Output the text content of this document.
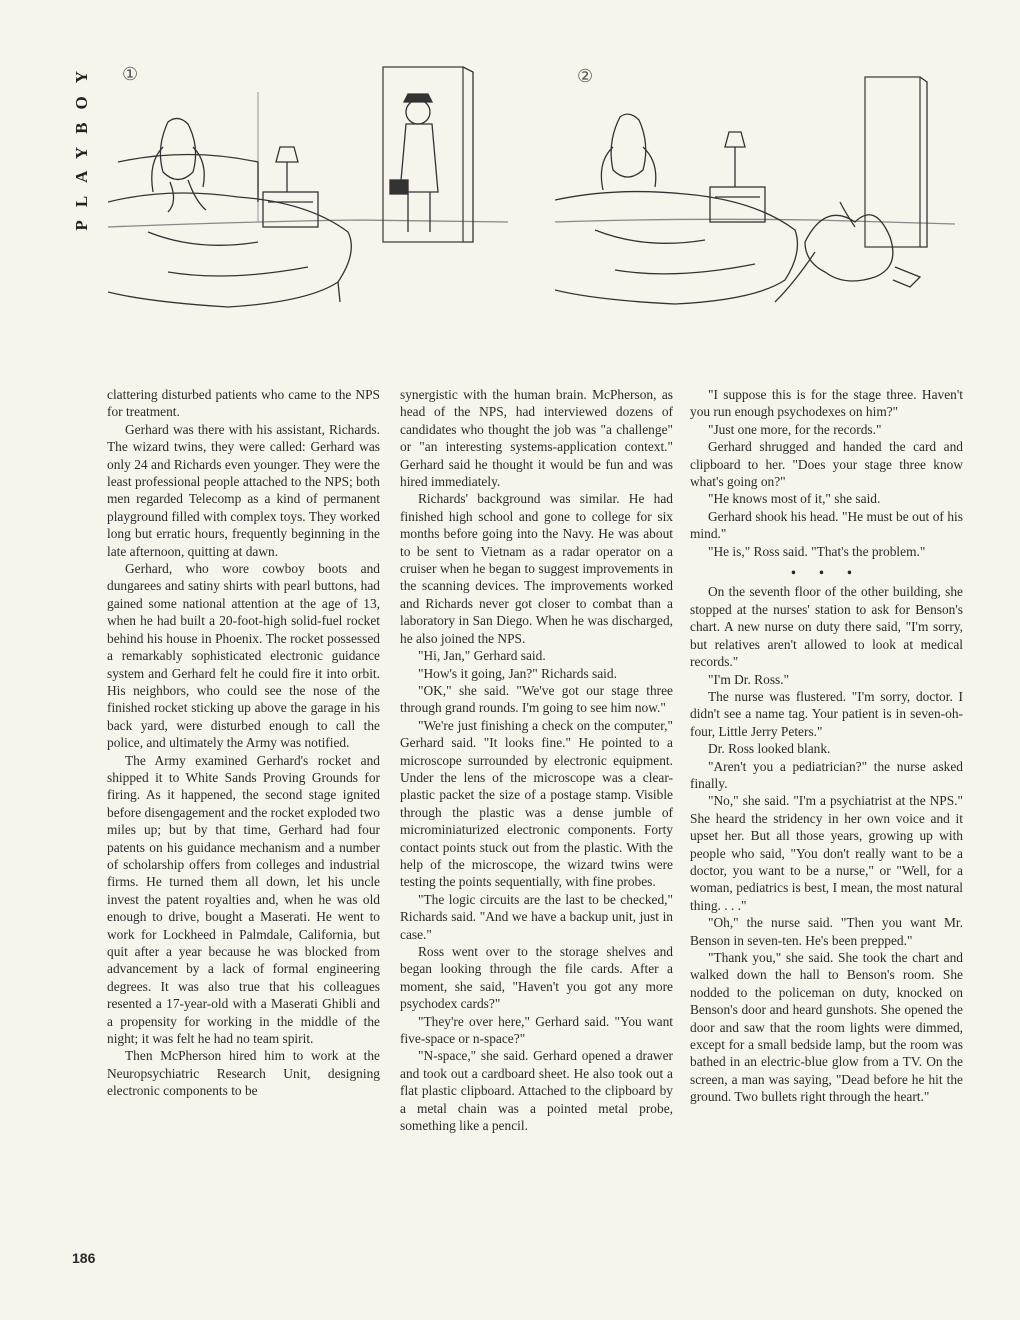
PLAYBOY ①	②

clattering disturbed patients who came to the NPS for treatment.

Gerhard was there with his assistant, Richards. The wizard twins, they were called: Gerhard was only 24 and Richards even younger. They were the least professional people attached to the NPS; both men regarded Telecomp as a kind of permanent playground filled with complex toys. They worked long but erratic hours, frequently beginning in the late afternoon, quitting at dawn.

Gerhard, who wore cowboy boots and dungarees and satiny shirts with pearl buttons, had gained some national attention at the age of 13, when he had built a 20-foot-high solid-fuel rocket behind his house in Phoenix. The rocket possessed a remarkably sophisticated electronic guidance system and Gerhard felt he could fire it into orbit. His neighbors, who could see the nose of the finished rocket sticking up above the garage in his back yard, were disturbed enough to call the police, and ultimately the Army was notified.

The Army examined Gerhard's rocket and shipped it to White Sands Proving Grounds for firing. As it happened, the second stage ignited before disengagement and the rocket exploded two miles up; but by that time, Gerhard had four patents on his guidance mechanism and a number of scholarship offers from colleges and industrial firms. He turned them all down, let his uncle invest the patent royalties and, when he was old enough to drive, bought a Maserati. He went to work for Lockheed in Palmdale, California, but quit after a year because he was blocked from advancement by a lack of formal engineering degrees. It was also true that his colleagues resented a 17-year-old with a Maserati Ghibli and a propensity for working in the middle of the night; it was felt he had no team spirit.

Then McPherson hired him to work at the Neuropsychiatric Research Unit, designing electronic components to be

synergistic with the human brain. McPherson, as head of the NPS, had interviewed dozens of candidates who thought the job was "a challenge" or "an interesting systems-application context." Gerhard said he thought it would be fun and was hired immediately.

Richards' background was similar. He had finished high school and gone to college for six months before going into the Navy. He was about to be sent to Vietnam as a radar operator on a cruiser when he began to suggest improvements in the scanning devices. The improvements worked and Richards never got closer to combat than a laboratory in San Diego. When he was discharged, he also joined the NPS.

"Hi, Jan," Gerhard said.

"How's it going, Jan?" Richards said.

"OK," she said. "We've got our stage three through grand rounds. I'm going to see him now."

"We're just finishing a check on the computer," Gerhard said. "It looks fine." He pointed to a microscope surrounded by electronic equipment. Under the lens of the microscope was a clear-plastic packet the size of a postage stamp. Visible through the plastic was a dense jumble of microminiaturized electronic components. Forty contact points stuck out from the plastic. With the help of the microscope, the wizard twins were testing the points sequentially, with fine probes.

"The logic circuits are the last to be checked," Richards said. "And we have a backup unit, just in case."

Ross went over to the storage shelves and began looking through the file cards. After a moment, she said, "Haven't you got any more psychodex cards?"

"They're over here," Gerhard said. "You want five-space or n-space?"

"N-space," she said. Gerhard opened a drawer and took out a cardboard sheet. He also took out a flat plastic clipboard. Attached to the clipboard by a metal chain was a pointed metal probe, something like a pencil.

"I suppose this is for the stage three. Haven't you run enough psychodexes on him?"

"Just one more, for the records."

Gerhard shrugged and handed the card and clipboard to her. "Does your stage three know what's going on?"

"He knows most of it," she said.

Gerhard shook his head. "He must be out of his mind."

"He is," Ross said. "That's the problem."

• • •

On the seventh floor of the other building, she stopped at the nurses' station to ask for Benson's chart. A new nurse on duty there said, "I'm sorry, but relatives aren't allowed to look at medical records."

"I'm Dr. Ross."

The nurse was flustered. "I'm sorry, doctor. I didn't see a name tag. Your patient is in seven-oh-four, Little Jerry Peters."

Dr. Ross looked blank.

"Aren't you a pediatrician?" the nurse asked finally.

"No," she said. "I'm a psychiatrist at the NPS." She heard the stridency in her own voice and it upset her. But all those years, growing up with people who said, "You don't really want to be a doctor, you want to be a nurse," or "Well, for a woman, pediatrics is best, I mean, the most natural thing. . . ."

"Oh," the nurse said. "Then you want Mr. Benson in seven-ten. He's been prepped."

"Thank you," she said. She took the chart and walked down the hall to Benson's room. She nodded to the policeman on duty, knocked on Benson's door and heard gunshots. She opened the door and saw that the room lights were dimmed, except for a small bedside lamp, but the room was bathed in an electric-blue glow from a TV. On the screen, a man was saying, "Dead before he hit the ground. Two bullets right through the heart."

186
